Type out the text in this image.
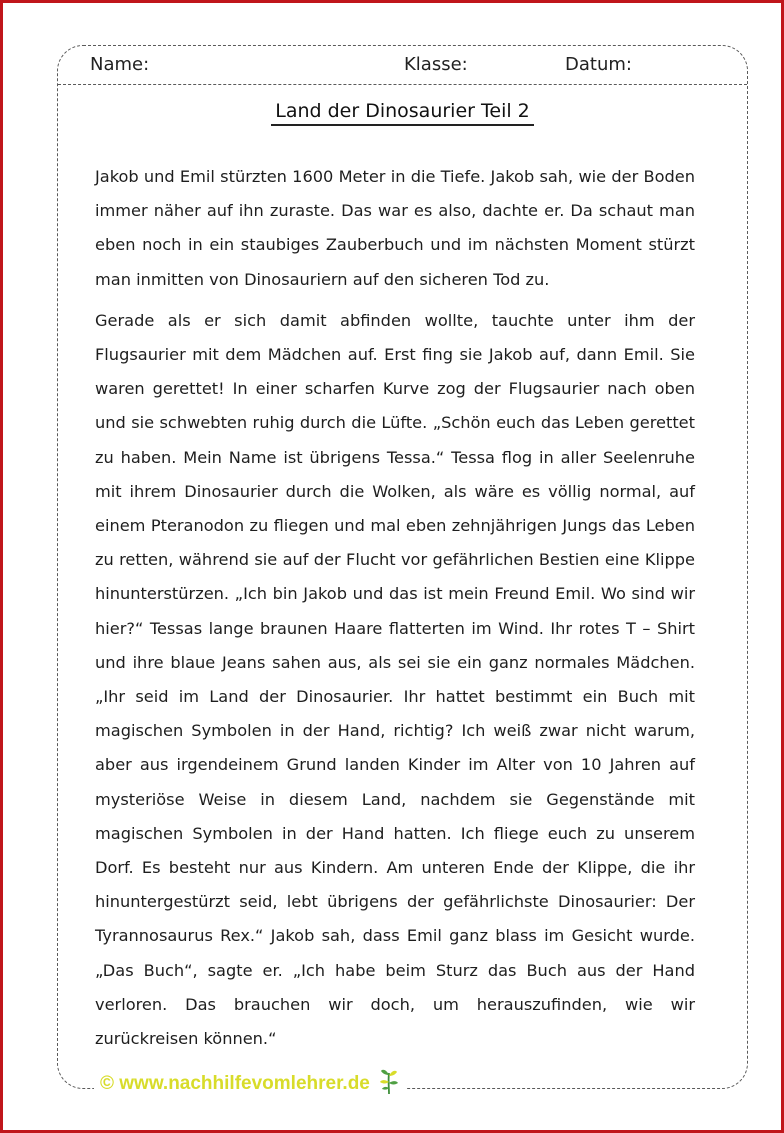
Name:	Klasse:	Datum:
Land der Dinosaurier Teil 2

Jakob und Emil stürzten 1600 Meter in die Tiefe. Jakob sah, wie der Boden immer näher auf ihn zuraste. Das war es also, dachte er. Da schaut man eben noch in ein staubiges Zauberbuch und im nächsten Moment stürzt man inmitten von Dinosauriern auf den sicheren Tod zu.

Gerade als er sich damit abfinden wollte, tauchte unter ihm der Flugsaurier mit dem Mädchen auf. Erst fing sie Jakob auf, dann Emil. Sie waren gerettet! In einer scharfen Kurve zog der Flugsaurier nach oben und sie schwebten ruhig durch die Lüfte. „Schön euch das Leben gerettet zu haben. Mein Name ist übrigens Tessa.“ Tessa flog in aller Seelenruhe mit ihrem Dinosaurier durch die Wolken, als wäre es völlig normal, auf einem Pteranodon zu fliegen und mal eben zehnjährigen Jungs das Leben zu retten, während sie auf der Flucht vor gefährlichen Bestien eine Klippe hinunterstürzen. „Ich bin Jakob und das ist mein Freund Emil. Wo sind wir hier?“ Tessas lange braunen Haare flatterten im Wind. Ihr rotes T – Shirt und ihre blaue Jeans sahen aus, als sei sie ein ganz normales Mädchen. „Ihr seid im Land der Dinosaurier. Ihr hattet bestimmt ein Buch mit magischen Symbolen in der Hand, richtig? Ich weiß zwar nicht warum, aber aus irgendeinem Grund landen Kinder im Alter von 10 Jahren auf mysteriöse Weise in diesem Land, nachdem sie Gegenstände mit magischen Symbolen in der Hand hatten. Ich fliege euch zu unserem Dorf. Es besteht nur aus Kindern. Am unteren Ende der Klippe, die ihr hinuntergestürzt seid, lebt übrigens der gefährlichste Dinosaurier: Der Tyrannosaurus Rex.“ Jakob sah, dass Emil ganz blass im Gesicht wurde. „Das Buch“, sagte er. „Ich habe beim Sturz das Buch aus der Hand verloren. Das brauchen wir doch, um herauszufinden, wie wir zurückreisen können.“

© www.nachhilfevomlehrer.de
